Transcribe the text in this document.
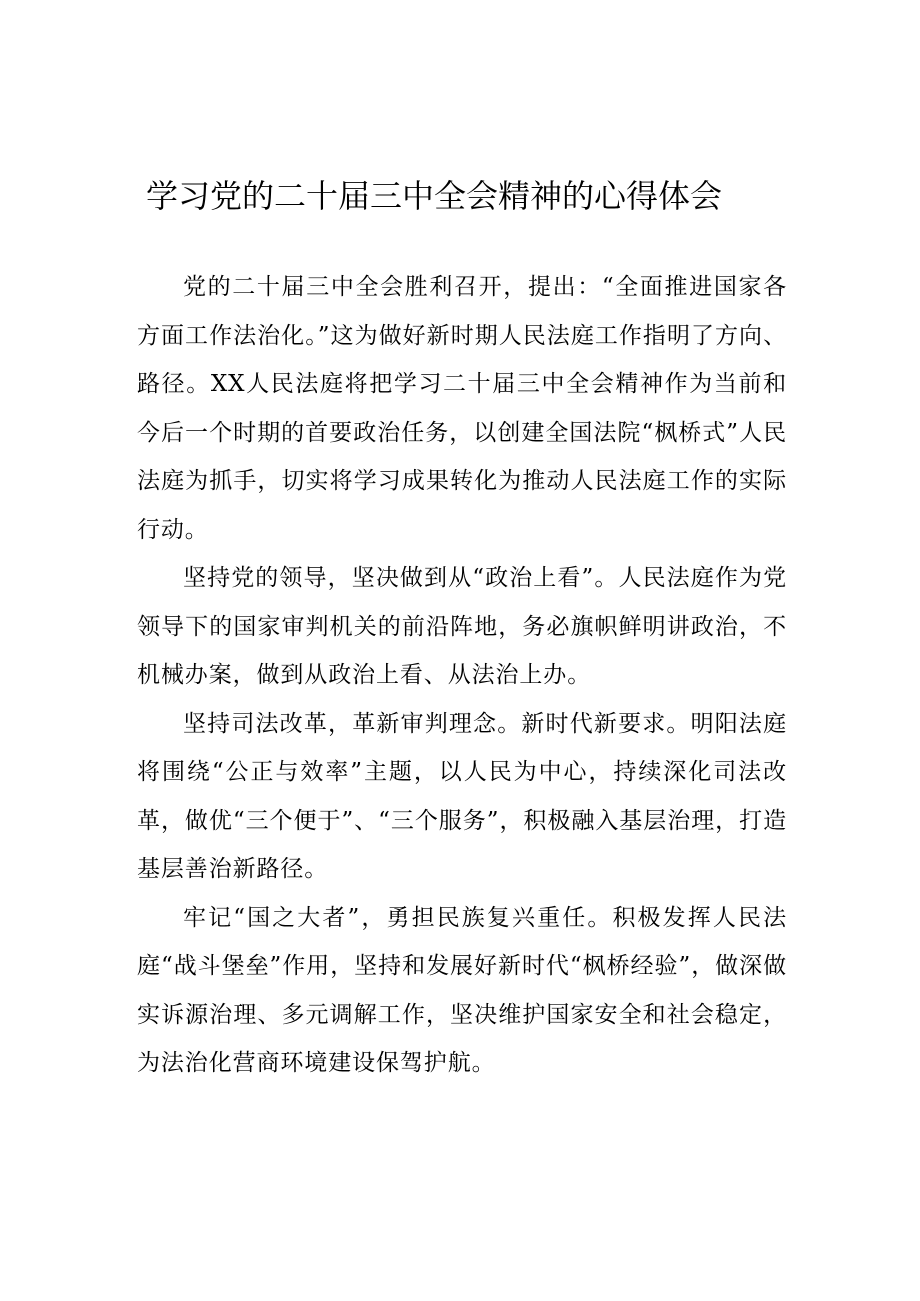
学习党的二十届三中全会精神的心得体会

党的二十届三中全会胜利召开，提出：“全面推进国家各方面工作法治化。”这为做好新时期人民法庭工作指明了方向、路径。XX人民法庭将把学习二十届三中全会精神作为当前和今后一个时期的首要政治任务，以创建全国法院“枫桥式”人民法庭为抓手，切实将学习成果转化为推动人民法庭工作的实际行动。

坚持党的领导，坚决做到从“政治上看”。人民法庭作为党领导下的国家审判机关的前沿阵地，务必旗帜鲜明讲政治，不机械办案，做到从政治上看、从法治上办。

坚持司法改革，革新审判理念。新时代新要求。明阳法庭将围绕“公正与效率”主题，以人民为中心，持续深化司法改革，做优“三个便于”、“三个服务”，积极融入基层治理，打造基层善治新路径。

牢记“国之大者”，勇担民族复兴重任。积极发挥人民法庭“战斗堡垒”作用，坚持和发展好新时代“枫桥经验”，做深做实诉源治理、多元调解工作，坚决维护国家安全和社会稳定，为法治化营商环境建设保驾护航。
